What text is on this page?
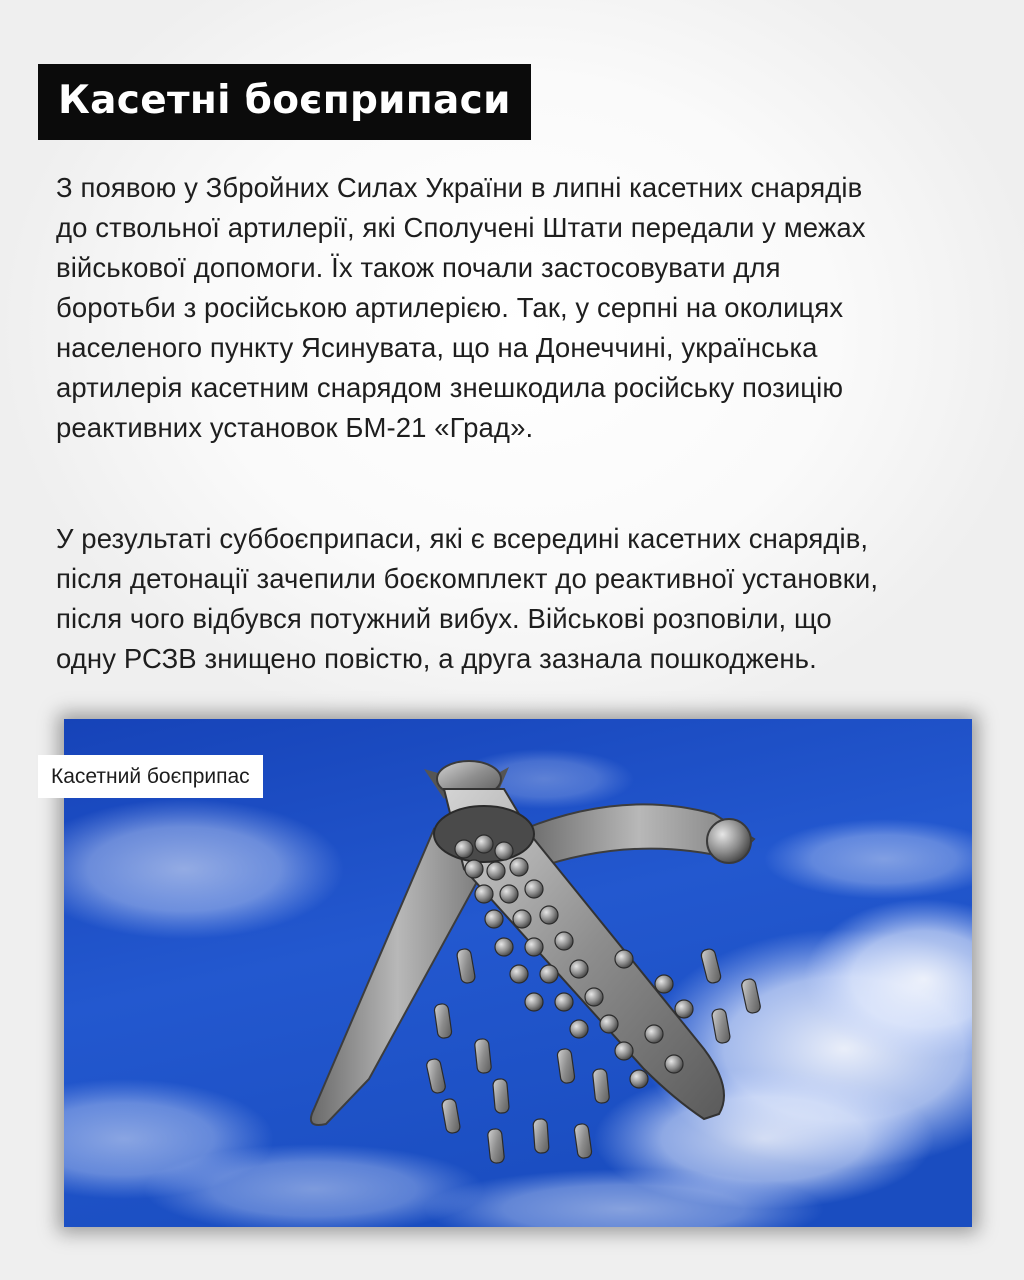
Касетні боєприпаси
З появою у Збройних Силах України в липні касетних снарядів
до ствольної артилерії, які Сполучені Штати передали у межах
військової допомоги. Їх також почали застосовувати для
боротьби з російською артилерією. Так, у серпні на околицях
населеного пункту Ясинувата, що на Донеччині, українська
артилерія касетним снарядом знешкодила російську позицію
реактивних установок БМ-21 «Град».
У результаті суббоєприпаси, які є всередині касетних снарядів,
після детонації зачепили боєкомплект до реактивної установки,
після чого відбувся потужний вибух. Військові розповіли, що
одну РСЗВ знищено повістю, а друга зазнала пошкоджень.
Касетний боєприпас
